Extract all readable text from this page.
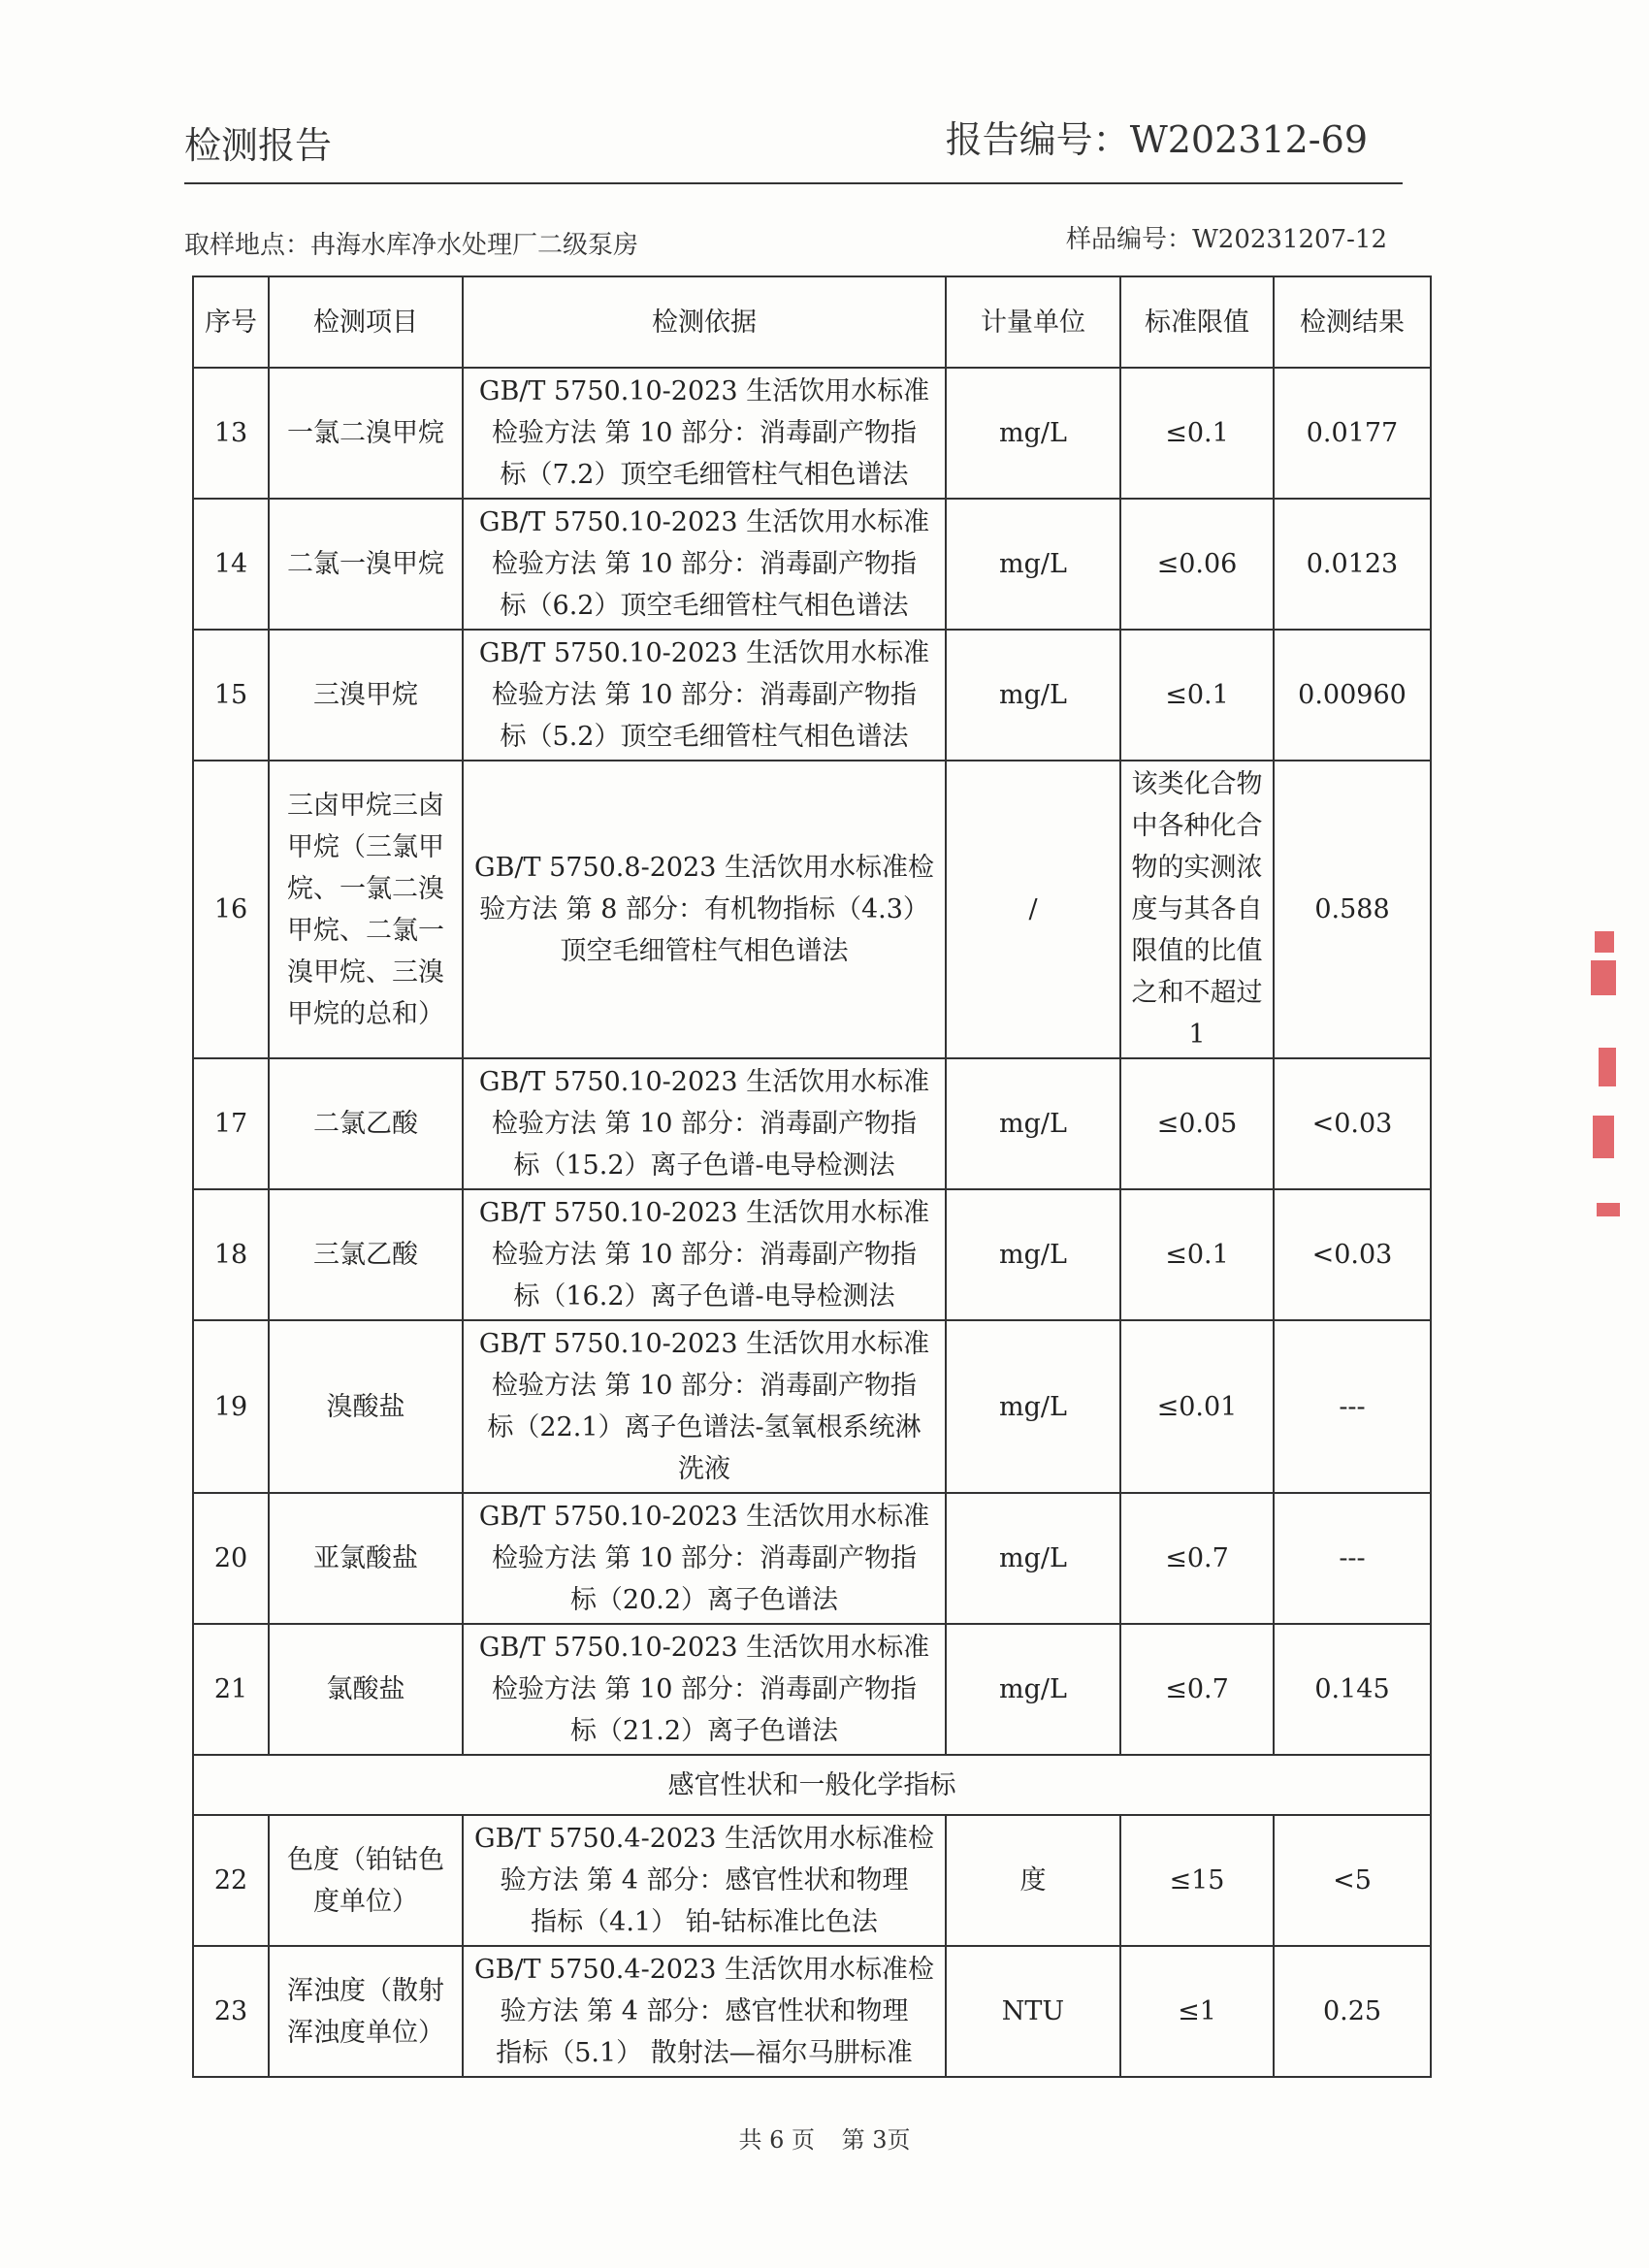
检测报告	报告编号：W202312-69
取样地点：冉海水库净水处理厂二级泵房	样品编号：W20231207-12
序号	检测项目	检测依据	计量单位	标准限值	检测结果
13	一氯二溴甲烷	GB/T 5750.10-2023 生活饮用水标准
检验方法 第 10 部分：消毒副产物指
标（7.2）顶空毛细管柱气相色谱法	mg/L	≤0.1	0.0177
14	二氯一溴甲烷	GB/T 5750.10-2023 生活饮用水标准
检验方法 第 10 部分：消毒副产物指
标（6.2）顶空毛细管柱气相色谱法	mg/L	≤0.06	0.0123
15	三溴甲烷	GB/T 5750.10-2023 生活饮用水标准
检验方法 第 10 部分：消毒副产物指
标（5.2）顶空毛细管柱气相色谱法	mg/L	≤0.1	0.00960
16	三卤甲烷三卤甲烷（三氯甲烷、一氯二溴甲烷、二氯一溴甲烷、三溴甲烷的总和）	GB/T 5750.8-2023 生活饮用水标准检
验方法 第 8 部分：有机物指标（4.3）
顶空毛细管柱气相色谱法	/	该类化合物中各种化合物的实测浓度与其各自限值的比值之和不超过1	0.588
17	二氯乙酸	GB/T 5750.10-2023 生活饮用水标准
检验方法 第 10 部分：消毒副产物指
标（15.2）离子色谱-电导检测法	mg/L	≤0.05	<0.03
18	三氯乙酸	GB/T 5750.10-2023 生活饮用水标准
检验方法 第 10 部分：消毒副产物指
标（16.2）离子色谱-电导检测法	mg/L	≤0.1	<0.03
19	溴酸盐	GB/T 5750.10-2023 生活饮用水标准
检验方法 第 10 部分：消毒副产物指
标（22.1）离子色谱法-氢氧根系统淋
洗液	mg/L	≤0.01	---
20	亚氯酸盐	GB/T 5750.10-2023 生活饮用水标准
检验方法 第 10 部分：消毒副产物指
标（20.2）离子色谱法	mg/L	≤0.7	---
21	氯酸盐	GB/T 5750.10-2023 生活饮用水标准
检验方法 第 10 部分：消毒副产物指
标（21.2）离子色谱法	mg/L	≤0.7	0.145
感官性状和一般化学指标					
22	色度（铂钴色度单位）	GB/T 5750.4-2023 生活饮用水标准检
验方法 第 4 部分：感官性状和物理
指标（4.1） 铂-钴标准比色法	度	≤15	<5
23	浑浊度（散射浑浊度单位）	GB/T 5750.4-2023 生活饮用水标准检
验方法 第 4 部分：感官性状和物理
指标（5.1） 散射法—福尔马肼标准	NTU	≤1	0.25
共 6 页 第 3页
